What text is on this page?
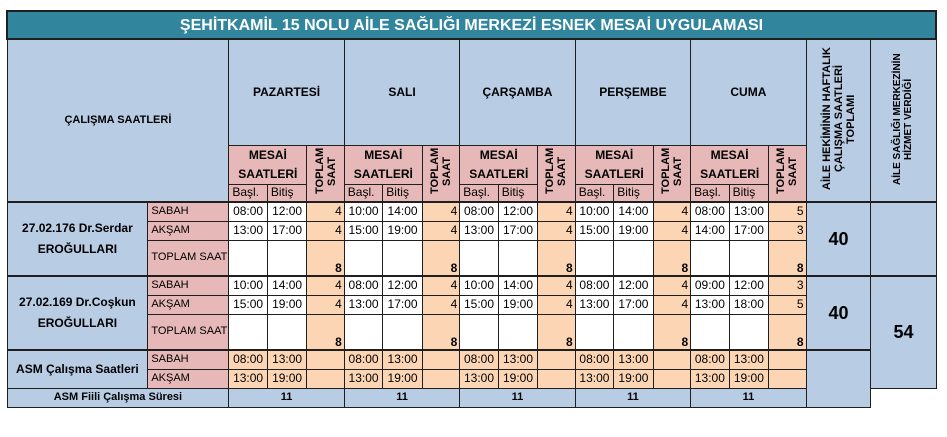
ŞEHİTKAMİL 15 NOLU AİLE SAĞLIĞI MERKEZİ ESNEK MESAİ UYGULAMASI																		
ÇALIŞMA SAATLERİ		PAZARTESİ			SALI			ÇARŞAMBA			PERŞEMBE			CUMA			AİLE HEKİMİNİN HAFTALIK ÇALIŞMA SAATLERİ TOPLAMI	AİLE SAĞLIĞI MERKEZİNİN HİZMET VERDİĞİ
		MESAİ SAATLERİ		TOPLAM SAAT	MESAİ SAATLERİ		TOPLAM SAAT	MESAİ SAATLERİ		TOPLAM SAAT	MESAİ SAATLERİ		TOPLAM SAAT	MESAİ SAATLERİ		TOPLAM SAAT		
		Başl.	Bitiş		Başl.	Bitiş		Başl.	Bitiş		Başl.	Bitiş		Başl.	Bitiş			
27.02.176 Dr.Serdar EROĞULLARI	SABAH	08:00	12:00	4	10:00	14:00	4	08:00	12:00	4	10:00	14:00	4	08:00	13:00	5	40	
	AKŞAM	13:00	17:00	4	15:00	19:00	4	13:00	17:00	4	15:00	19:00	4	14:00	17:00	3		
	TOPLAM SAAT			8			8			8			8			8		
27.02.169 Dr.Coşkun EROĞULLARI	SABAH	10:00	14:00	4	08:00	12:00	4	10:00	14:00	4	08:00	12:00	4	09:00	12:00	3	40	54
	AKŞAM	15:00	19:00	4	13:00	17:00	4	15:00	19:00	4	13:00	17:00	4	13:00	18:00	5		
	TOPLAM SAAT			8			8			8			8			8		
ASM Çalışma Saatleri	SABAH	08:00	13:00		08:00	13:00		08:00	13:00		08:00	13:00		08:00	13:00			
	AKŞAM	13:00	19:00		13:00	19:00		13:00	19:00		13:00	19:00		13:00	19:00			
ASM Fiili Çalışma Süresi		11			11			11			11			11				
